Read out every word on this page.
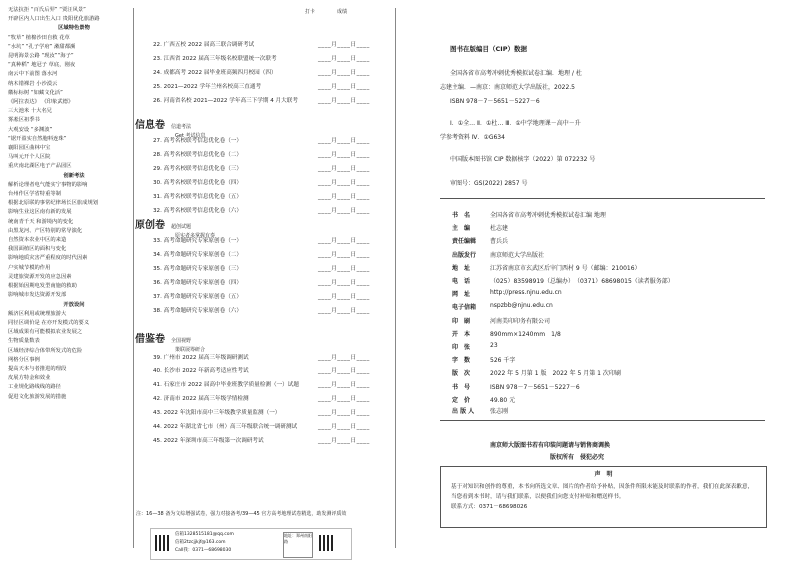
无法抗拒 “百氏后羿” “贾汪风景”
开辟区内人口出生入口 贵阳优化旅游路
区域特色景物
“牧草” 植棉沙田自救 花草
“水坑” “孔子学府” 漱甜都濒
昆明海景公路 “现汝”“海子”
“真种稻” 地冠子 草底，刚夜
南云中下前图 落水河
纳木错裸岩 小沙漠云
徽标标树 “如藏文化活”
《阿拉表达》 《印象武德》
三大池米 十大名兄
雾凇区祖季书
大观安设 “多渊波”
“锯开盈实自然胞料连珠”
襄阳园区曲林中宝
马叫元开个人区院
重庆南北湖区电子产品园区
创新考法
解析论理者电气能实宁事物的影响
台州作区学省特重等制
根据北原联的事常纪律场长区旅成规划
影响生业这区南有新的发展
统南青千天 和游境内的变化
由黑龙河、产区特别的常导演化
自然资本农业中区的来造
我国面植区的面积与变化
影响地质灾害严重程度的时代因素
户实城节模的作用
灵建旅资源开发的应急因素
根据始因期电发型南施的救助
影响城市发达资源开发部
开放设问
额济区利用或统理旅游大
同径区调价是 在亦开发模式的要义
区域成果有可能模拟农业发展之
生物质量数表
区域经济综合体带所发式的危险
网格分区事例
提高天本与者推进的理段
皮展方特金和效业
工业规化路线线的路径
促进文化旅游发展的措施
打卡	成绩
22. 广西五校 2022 届高三联合调研考试	____月____日____
23. 江西省 2022 届高三年级名校联盟统一次联考	____月____日____
24. 成都高考 2022 届毕业班高频四月校园（四）	____月____日____
25. 2021—2022 学年兰州名校高三直通考	____月____日____
26. 河南省名校 2021—2022 学年高三下学期 4 月大联考	____月____日____
27. 高考名校联考信息优化卷（一）	____月____日____
28. 高考名校联考信息优化卷（二）	____月____日____
29. 高考名校联考信息优化卷（三）	____月____日____
30. 高考名校联考信息优化卷（四）	____月____日____
31. 高考名校联考信息优化卷（五）	____月____日____
32. 高考名校联考信息优化卷（六）	____月____日____
33. 高考命题研究专家原创卷（一）	____月____日____
34. 高考命题研究专家原创卷（二）	____月____日____
35. 高考命题研究专家原创卷（三）	____月____日____
36. 高考命题研究专家原创卷（四）	____月____日____
37. 高考命题研究专家原创卷（五）	____月____日____
38. 高考命题研究专家原创卷（六）	____月____日____
39. 广州市 2022 届高三年级调研测试	____月____日____
40. 长沙市 2022 年新高考适应性考试	____月____日____
41. 石家庄市 2022 届高中毕业班教学质量检测（一）试题	____月____日____
42. 济南市 2022 届高三年级学情检测	____月____日____
43. 2022 年沈阳市高中三年级教学质量监测（一）	____月____日____
44. 2022 年湖北省七市（州）高三年级联合统一调研测试	____月____日____
45. 2022 年深圳市高三年级第一次调研考试	____月____日____
信息卷 信道考法
Get 考试信息
原创卷 超创试题
原实者多掌握有奏
借鉴卷 全国视野
策联展筹研合
注：16—38 备为文综增强试卷，强力对接备考/39—45 官方高考地理试卷精选，助发测评质效
信箱1328515181@qq.com
信箱2tzcjjkjf@163.com
Call我：0371—68698030
地址：郑州南阳路
图书在版编目（CIP）数据
全国各省市高考冲刺优秀模拟试卷汇编．地理 / 杜
志建主编．—南京：南京师范大学出版社，2022.5
ISBN 978－7－5651－5227－6
Ⅰ．①全… Ⅱ．①杜… Ⅲ．①中学地理课－高中－升
学参考资料 Ⅳ．①G634
中国版本图书馆 CIP 数据核字（2022）第 072232 号
审图号：GS(2022) 2857 号
书　名	全国各省市高考冲刺优秀模拟试卷汇编 地理
主　编	杜志建
责任编辑 曹兵兵
出版发行 南京师范大学出版社
地　址	江苏省南京市玄武区后宰门西村 9 号（邮编：210016）
电　话	（025）83598919（总编办）　（0371）68698015（读者服务部）
网　址	http://press.njnu.edu.cn
电子信箱 nspzbb@njnu.edu.cn
印　刷	河南美印印务有限公司
开　本	890mm×1240mm　1/8
印　张	23
字　数	526 千字
版　次	2022 年 5 月第 1 版　2022 年 5 月第 1 次印刷
书　号	ISBN 978－7－5651－5227－6
定　价	49.80 元
出 版 人	张志刚
南京师大版图书若有印装问题请与销售商调换
版权所有　侵犯必究
声　明
基于对知识和创作的尊重，本书向所选文章、图片的作者给予补贴，因条件所限未能及时联系的作者，我们在此深表歉意，当您看到本书时，请与我们联系，以便我们向您支付补贴和赠送样书。
联系方式：0371－68698026
